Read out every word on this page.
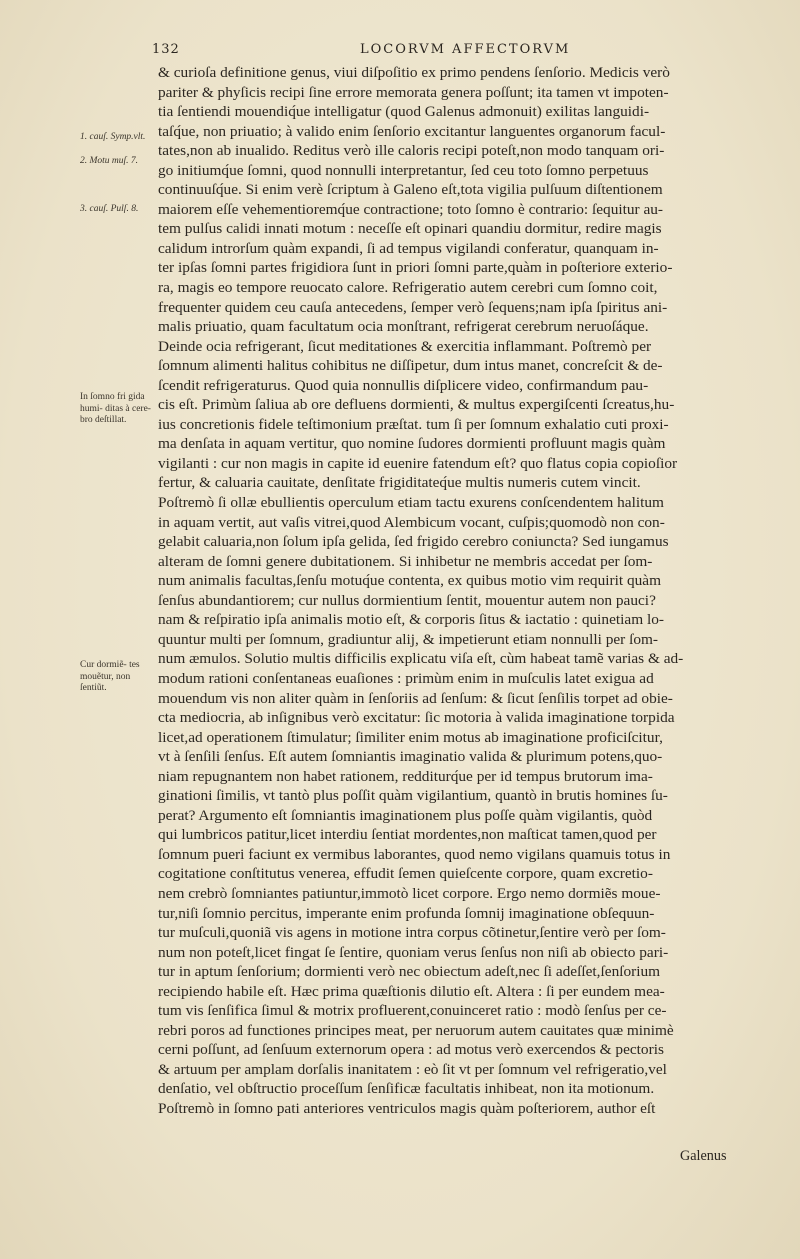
132	LOCORVM AFFECTORVM
1. cauſ. Symp.vlt.
2. Motu muſ. 7.
3. cauſ. Pulſ. 8.
In ſomno fri gida humi- ditas à cere- bro deſtillat.
Cur dormiẽ- tes mouẽtur, non ſentiũt.
& curioſa definitione genus, viui diſpoſitio ex primo pendens ſenſorio. Medicis verò
pariter & phyſicis recipi ſine errore memorata genera poſſunt; ita tamen vt impoten-
tia ſentiendi mouendiq́ue intelligatur (quod Galenus admonuit) exilitas languidi-
taſq́ue, non priuatio; à valido enim ſenſorio excitantur languentes organorum facul-
tates,non ab inualido. Reditus verò ille caloris recipi poteſt,non modo tanquam ori-
go initiumq́ue ſomni, quod nonnulli interpretantur, ſed ceu toto ſomno perpetuus
continuuſq́ue. Si enim verè ſcriptum à Galeno eſt,tota vigilia pulſuum diſtentionem
maiorem eſſe vehementioremq́ue contractione; toto ſomno è contrario: ſequitur au-
tem pulſus calidi innati motum : neceſſe eſt opinari quandiu dormitur, redire magis
calidum introrſum quàm expandi, ſi ad tempus vigilandi conferatur, quanquam in-
ter ipſas ſomni partes frigidiora ſunt in priori ſomni parte,quàm in poſteriore exterio-
ra, magis eo tempore reuocato calore. Refrigeratio autem cerebri cum ſomno coit,
frequenter quidem ceu cauſa antecedens, ſemper verò ſequens;nam ipſa ſpiritus ani-
malis priuatio, quam facultatum ocia monſtrant, refrigerat cerebrum neruoſáque.
Deinde ocia refrigerant, ſicut meditationes & exercitia inflammant. Poſtremò per
ſomnum alimenti halitus cohibitus ne diſſipetur, dum intus manet, concreſcit & de-
ſcendit refrigeraturus. Quod quia nonnullis diſplicere video, confirmandum pau-
cis eſt. Primùm ſaliua ab ore defluens dormienti, & multus expergiſcenti ſcreatus,hu-
ius concretionis fidele teſtimonium præſtat. tum ſi per ſomnum exhalatio cuti proxi-
ma denſata in aquam vertitur, quo nomine ſudores dormienti profluunt magis quàm
vigilanti : cur non magis in capite id euenire fatendum eſt? quo flatus copia copioſior
fertur, & caluaria cauitate, denſitate frigiditateq́ue multis numeris cutem vincit.
Poſtremò ſi ollæ ebullientis operculum etiam tactu exurens conſcendentem halitum
in aquam vertit, aut vaſis vitrei,quod Alembicum vocant, cuſpis;quomodò non con-
gelabit caluaria,non ſolum ipſa gelida, ſed frigido cerebro coniuncta? Sed iungamus
alteram de ſomni genere dubitationem. Si inhibetur ne membris accedat per ſom-
num animalis facultas,ſenſu motuq́ue contenta, ex quibus motio vim requirit quàm
ſenſus abundantiorem; cur nullus dormientium ſentit, mouentur autem non pauci?
nam & reſpiratio ipſa animalis motio eſt, & corporis ſitus & iactatio : quinetiam lo-
quuntur multi per ſomnum, gradiuntur alij, & impetierunt etiam nonnulli per ſom-
num æmulos. Solutio multis difficilis explicatu viſa eſt, cùm habeat tamẽ varias & ad-
modum rationi conſentaneas euaſiones : primùm enim in muſculis latet exigua ad
mouendum vis non aliter quàm in ſenſoriis ad ſenſum: & ſicut ſenſilis torpet ad obie-
cta mediocria, ab inſignibus verò excitatur: ſic motoria à valida imaginatione torpida
licet,ad operationem ſtimulatur; ſimiliter enim motus ab imaginatione proficiſcitur,
vt à ſenſili ſenſus. Eſt autem ſomniantis imaginatio valida & plurimum potens,quo-
niam repugnantem non habet rationem, redditurq́ue per id tempus brutorum ima-
ginationi ſimilis, vt tantò plus poſſit quàm vigilantium, quantò in brutis homines ſu-
perat? Argumento eſt ſomniantis imaginationem plus poſſe quàm vigilantis, quòd
qui lumbricos patitur,licet interdiu ſentiat mordentes,non maſticat tamen,quod per
ſomnum pueri faciunt ex vermibus laborantes, quod nemo vigilans quamuis totus in
cogitatione conſtitutus venerea, effudit ſemen quieſcente corpore, quam excretio-
nem crebrò ſomniantes patiuntur,immotò licet corpore. Ergo nemo dormiẽs moue-
tur,niſi ſomnio percitus, imperante enim profunda ſomnij imaginatione obſequun-
tur muſculi,quoniã vis agens in motione intra corpus cõtinetur,ſentire verò per ſom-
num non poteſt,licet fingat ſe ſentire, quoniam verus ſenſus non niſi ab obiecto pari-
tur in aptum ſenſorium; dormienti verò nec obiectum adeſt,nec ſi adeſſet,ſenſorium
recipiendo habile eſt. Hæc prima quæſtionis dilutio eſt. Altera : ſi per eundem mea-
tum vis ſenſifica ſimul & motrix profluerent,conuinceret ratio : modò ſenſus per ce-
rebri poros ad functiones principes meat, per neruorum autem cauitates quæ minimè
cerni poſſunt, ad ſenſuum externorum opera : ad motus verò exercendos & pectoris
& artuum per amplam dorſalis inanitatem : eò ſit vt per ſomnum vel refrigeratio,vel
denſatio, vel obſtructio proceſſum ſenſificæ facultatis inhibeat, non ita motionum.
Poſtremò in ſomno pati anteriores ventriculos magis quàm poſteriorem, author eſt
Galenus
